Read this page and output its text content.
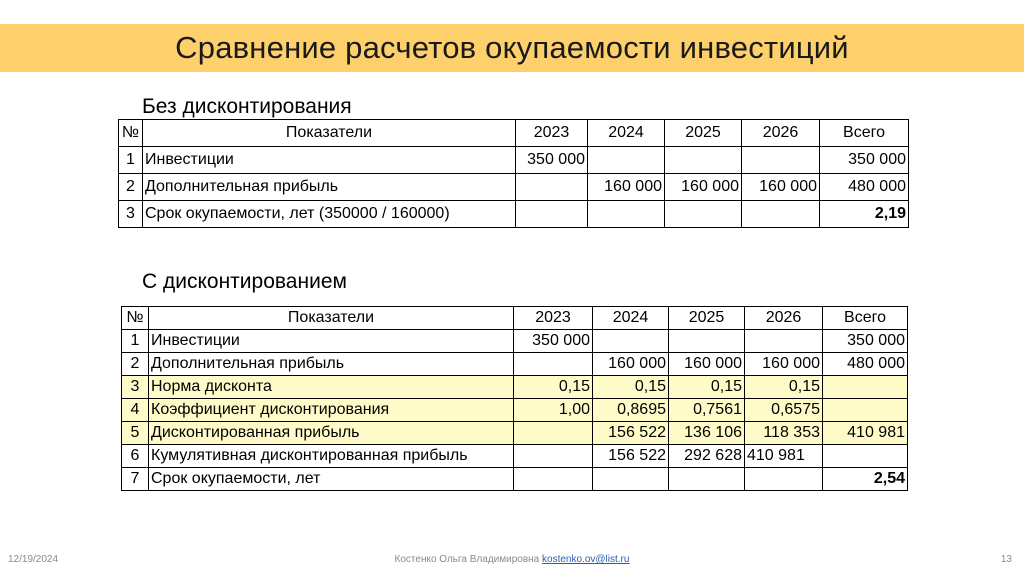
Сравнение расчетов окупаемости инвестиций
Без дисконтирования
№	Показатели	2023	2024	2025	2026	Всего
1	Инвестиции	350 000				350 000
2	Дополнительная прибыль		160 000	160 000	160 000	480 000
3	Срок окупаемости, лет (350000 / 160000)					2,19
С дисконтированием
№	Показатели	2023	2024	2025	2026	Всего
1	Инвестиции	350 000				350 000
2	Дополнительная прибыль		160 000	160 000	160 000	480 000
3	Норма дисконта	0,15	0,15	0,15	0,15	
4	Коэффициент дисконтирования	1,00	0,8695	0,7561	0,6575	
5	Дисконтированная прибыль		156 522	136 106	118 353	410 981
6	Кумулятивная дисконтированная прибыль		156 522	292 628	410 981	
7	Срок окупаемости, лет					2,54
12/19/2024	Костенко Ольга Владимировна kostenko.ov@list.ru	13
